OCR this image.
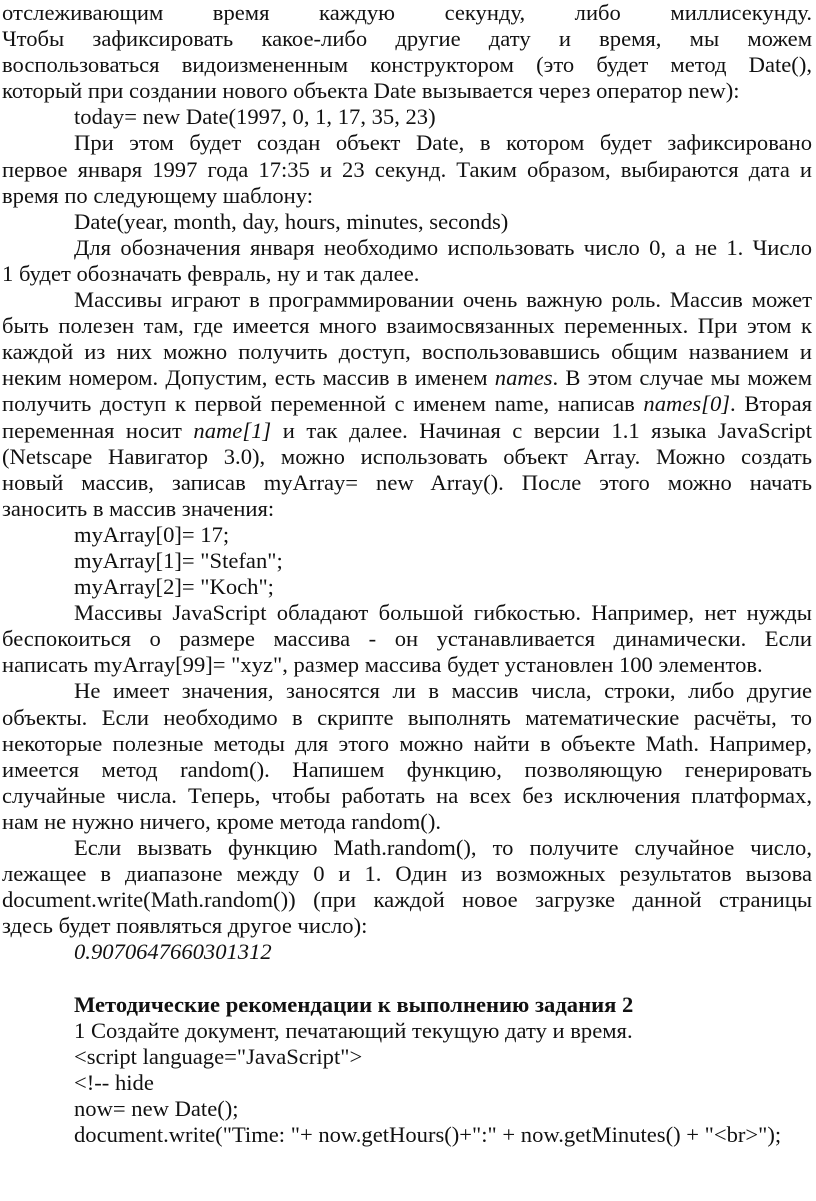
отслеживающим время каждую секунду, либо миллисекунду.
Чтобы зафиксировать какое-либо другие дату и время, мы можем
воспользоваться видоизмененным конструктором (это будет метод Date(),
который при создании нового объекта Date вызывается через оператор new):
today= new Date(1997, 0, 1, 17, 35, 23)
При этом будет создан объект Date, в котором будет зафиксировано
первое января 1997 года 17:35 и 23 секунд. Таким образом, выбираются дата и
время по следующему шаблону:
Date(year, month, day, hours, minutes, seconds)
Для обозначения января необходимо использовать число 0, а не 1. Число
1 будет обозначать февраль, ну и так далее.
Массивы играют в программировании очень важную роль. Массив может
быть полезен там, где имеется много взаимосвязанных переменных. При этом к
каждой из них можно получить доступ, воспользовавшись общим названием и
неким номером. Допустим, есть массив в именем names. В этом случае мы можем
получить доступ к первой переменной с именем name, написав names[0]. Вторая
переменная носит name[1] и так далее. Начиная с версии 1.1 языка JavaScript
(Netscape Навигатор 3.0), можно использовать объект Array. Можно создать
новый массив, записав myArray= new Array(). После этого можно начать
заносить в массив значения:
myArray[0]= 17;
myArray[1]= "Stefan";
myArray[2]= "Koch";
Массивы JavaScript обладают большой гибкостью. Например, нет нужды
беспокоиться о размере массива - он устанавливается динамически. Если
написать myArray[99]= "xyz", размер массива будет установлен 100 элементов.
Не имеет значения, заносятся ли в массив числа, строки, либо другие
объекты. Если необходимо в скрипте выполнять математические расчёты, то
некоторые полезные методы для этого можно найти в объекте Math. Например,
имеется метод random(). Напишем функцию, позволяющую генерировать
случайные числа. Теперь, чтобы работать на всех без исключения платформах,
нам не нужно ничего, кроме метода random().
Если вызвать функцию Math.random(), то получите случайное число,
лежащее в диапазоне между 0 и 1. Один из возможных результатов вызова
document.write(Math.random()) (при каждой новое загрузке данной страницы
здесь будет появляться другое число):
0.9070647660301312
Методические рекомендации к выполнению задания 2
1 Создайте документ, печатающий текущую дату и время.
<script language="JavaScript">
<!-- hide
now= new Date();
document.write("Time: "+ now.getHours()+":" + now.getMinutes() + "<br>");
